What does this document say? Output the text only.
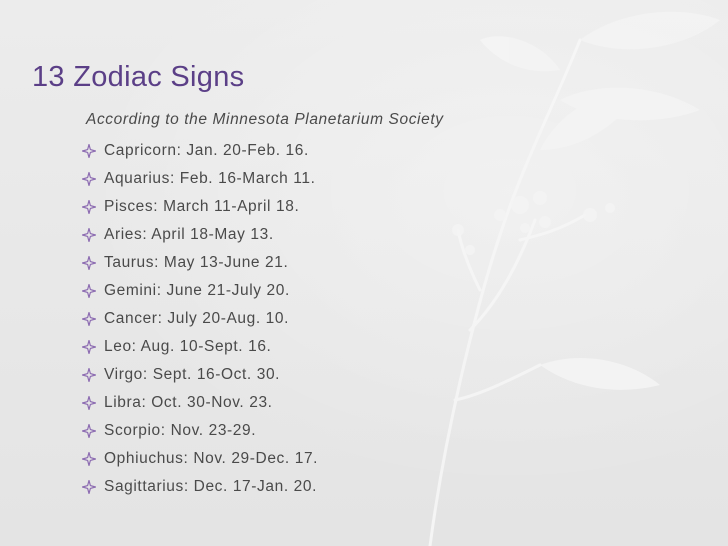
13 Zodiac Signs
According to the Minnesota Planetarium Society
Capricorn: Jan. 20-Feb. 16.
Aquarius: Feb. 16-March 11.
Pisces: March 11-April 18.
Aries: April 18-May 13.
Taurus: May 13-June 21.
Gemini: June 21-July 20.
Cancer: July 20-Aug. 10.
Leo: Aug. 10-Sept. 16.
Virgo: Sept. 16-Oct. 30.
Libra: Oct. 30-Nov. 23.
Scorpio: Nov. 23-29.
Ophiuchus: Nov. 29-Dec. 17.
Sagittarius: Dec. 17-Jan. 20.
